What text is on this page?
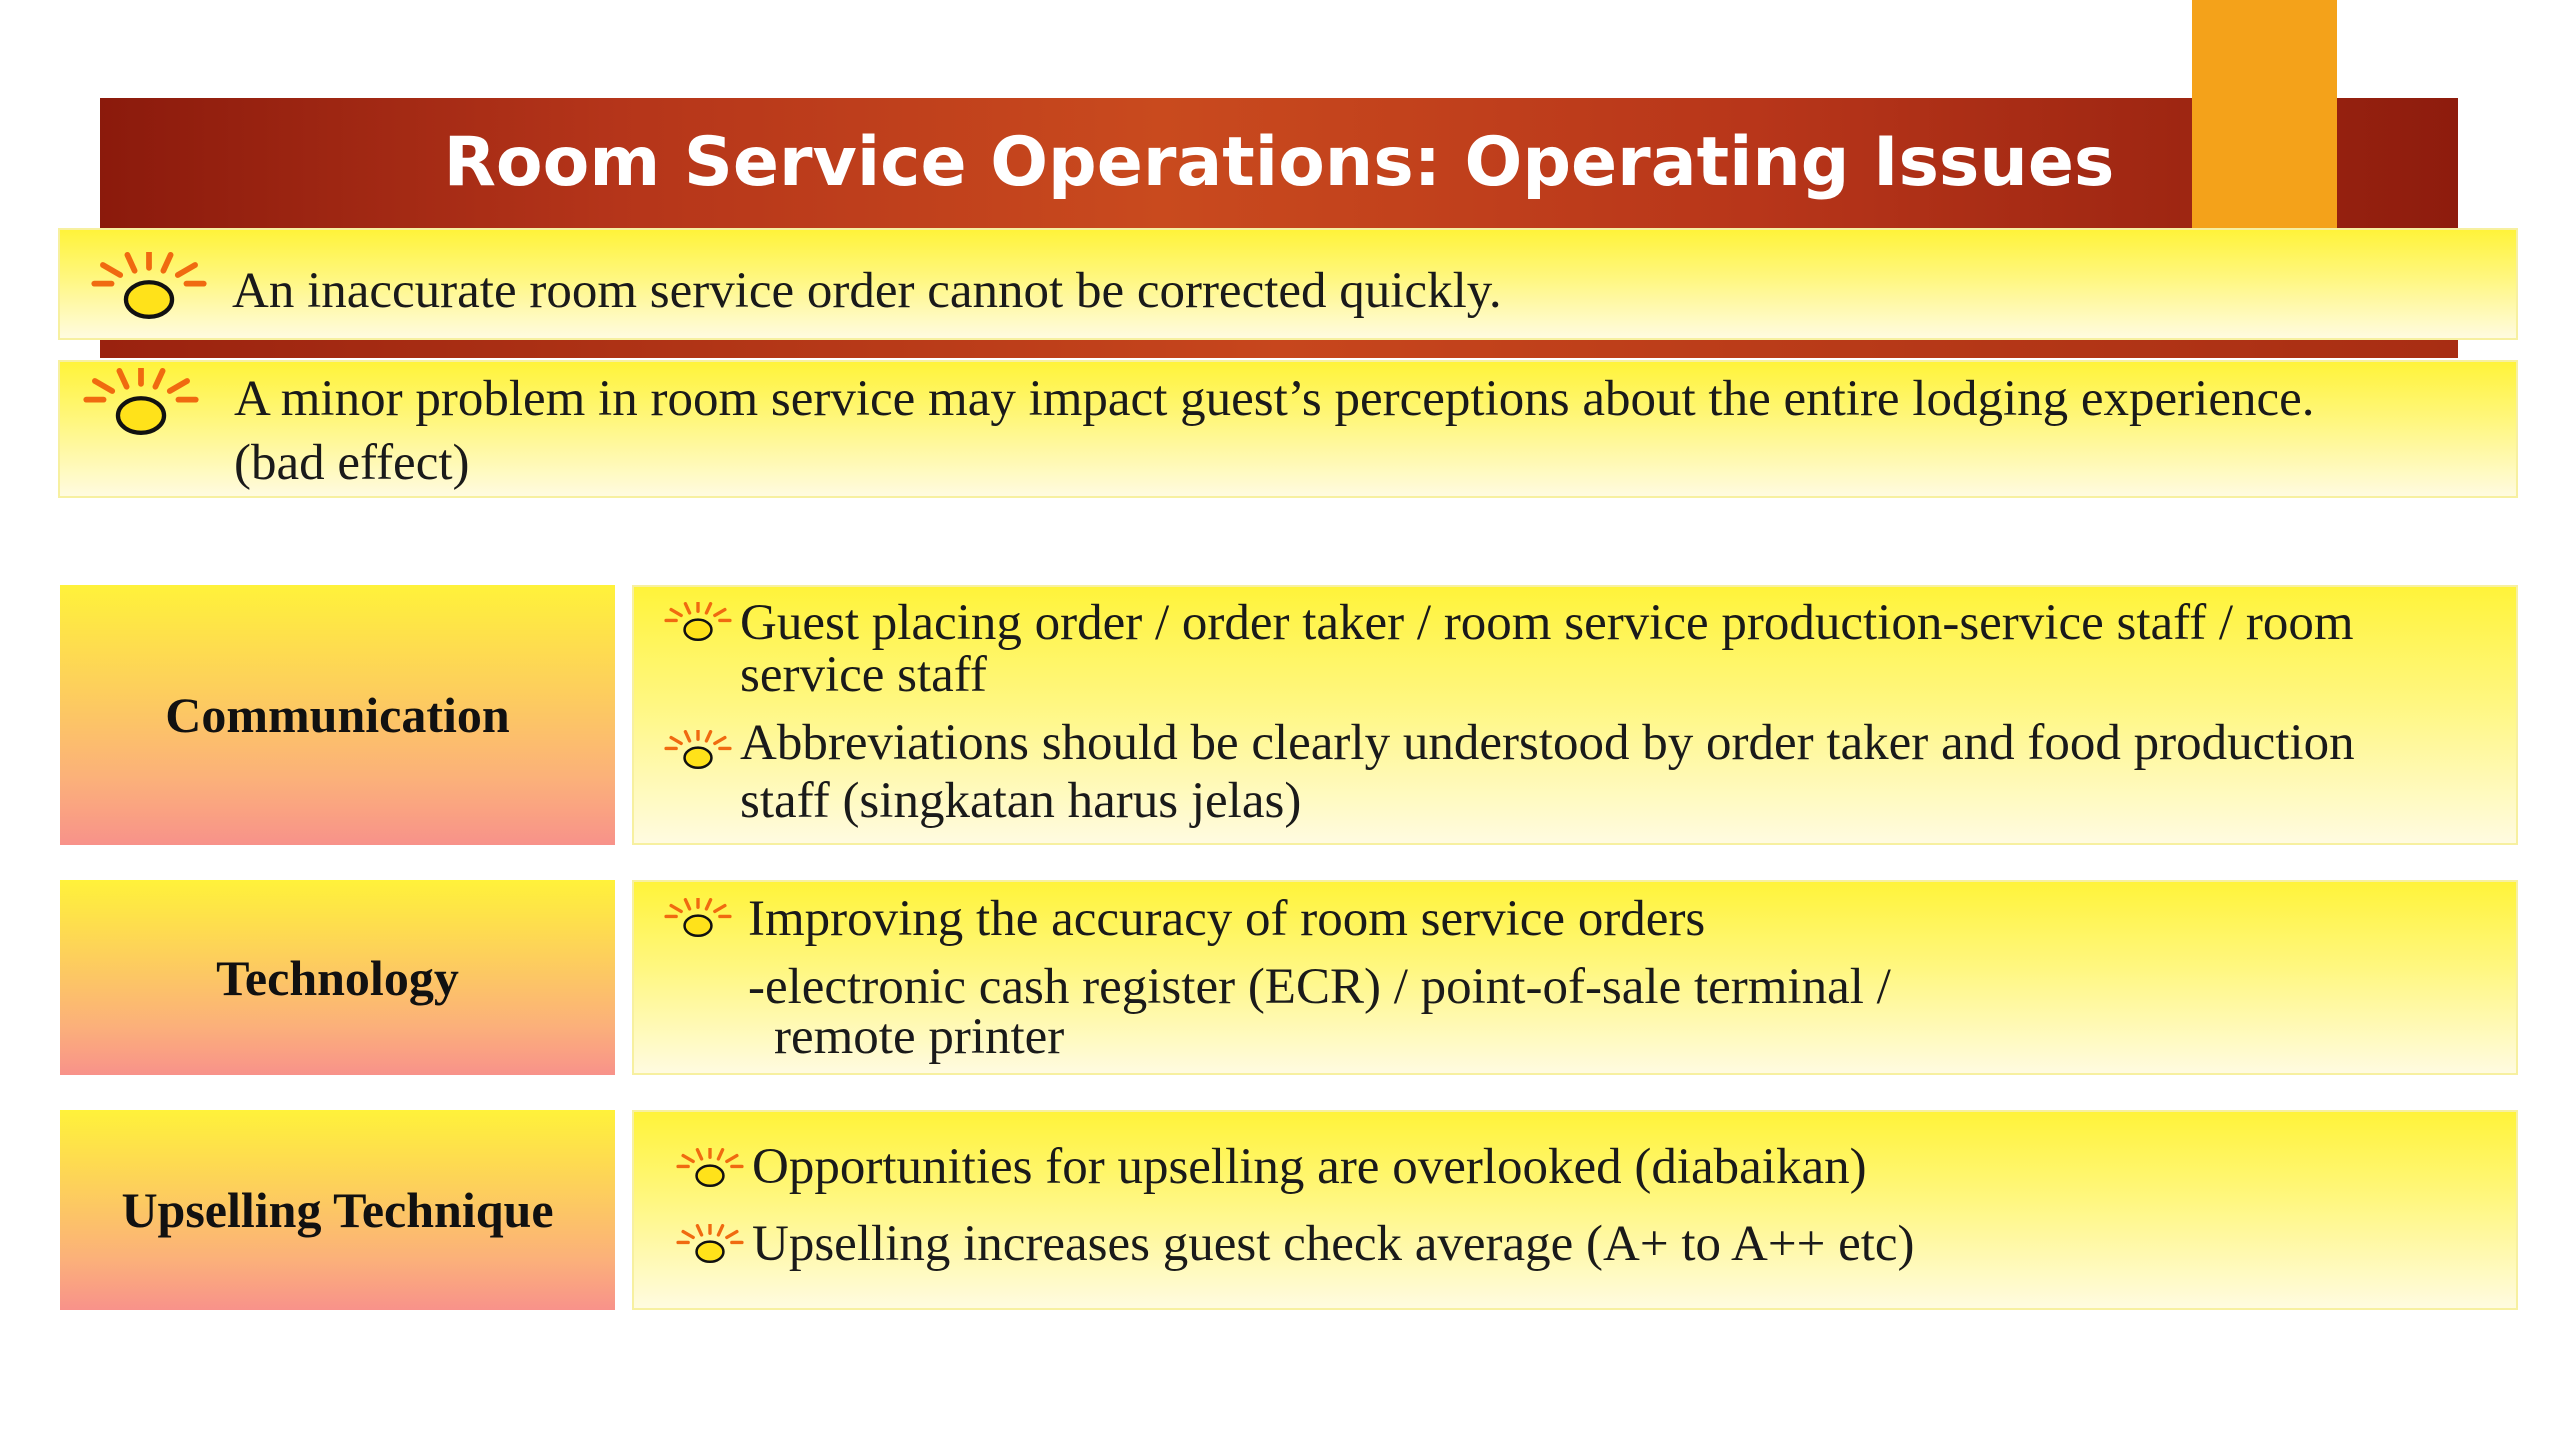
Room Service Operations: Operating Issues
An inaccurate room service order cannot be corrected quickly.
A minor problem in room service may impact guest’s perceptions about the entire lodging experience.
(bad effect)
Communication
Guest placing order / order taker / room service production-service staff / room
service staff
Abbreviations should be clearly understood by order taker and food production
staff (singkatan harus jelas)
Technology
Improving the accuracy of room service orders
-electronic cash register (ECR) / point-of-sale terminal /
remote printer
Upselling Technique
Opportunities for upselling are overlooked (diabaikan)
Upselling increases guest check average (A+ to A++ etc)
